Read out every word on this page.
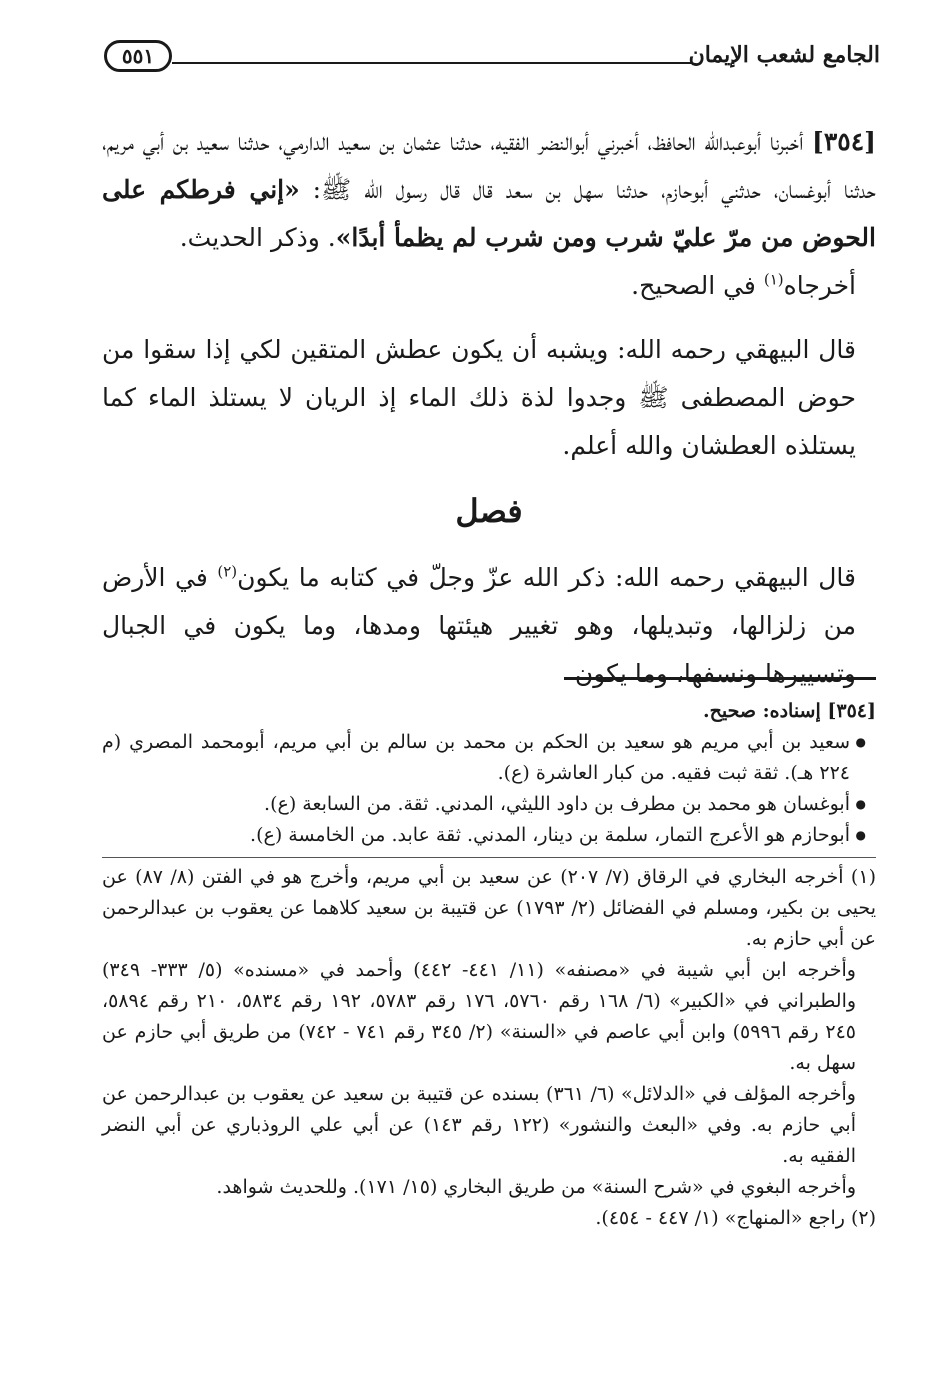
٥٥١	الجامع لشعب الإيمان

[٣٥٤] أخبرنا أبوعبدالله الحافظ، أخبرني أبوالنضر الفقيه، حدثنا عثمان بن سعيد الدارمي، حدثنا سعيد بن أبي مريم، حدثنا أبوغسان، حدثني أبوحازم، حدثنا سهل بن سعد قال قال رسول الله ﷺ: «إني فرطكم على الحوض من مرّ عليّ شرب ومن شرب لم يظمأ أبدًا». وذكر الحديث.

أخرجاه$^{(١)}$ في الصحيح.

قال البيهقي رحمه الله: ويشبه أن يكون عطش المتقين لكي إذا سقوا من حوض المصطفى ﷺ وجدوا لذة ذلك الماء إذ الريان لا يستلذ الماء كما يستلذه العطشان والله أعلم.

فصل

قال البيهقي رحمه الله: ذكر الله عزّ وجلّ في كتابه ما يكون$^{(٢)}$ في الأرض من زلزالها، وتبديلها، وهو تغيير هيئتها ومدها، وما يكون في الجبال وتسييرها ونسفها، وما يكون

[٣٥٤] إسناده: صحيح.

● سعيد بن أبي مريم هو سعيد بن الحكم بن محمد بن سالم بن أبي مريم، أبومحمد المصري (م ٢٢٤ هـ). ثقة ثبت فقيه. من كبار العاشرة (ع).
● أبوغسان هو محمد بن مطرف بن داود الليثي، المدني. ثقة. من السابعة (ع).
● أبوحازم هو الأعرج التمار، سلمة بن دينار، المدني. ثقة عابد. من الخامسة (ع).

(١) أخرجه البخاري في الرقاق (٧/ ٢٠٧) عن سعيد بن أبي مريم، وأخرج هو في الفتن (٨/ ٨٧) عن يحيى بن بكير، ومسلم في الفضائل (٢/ ١٧٩٣) عن قتيبة بن سعيد كلاهما عن يعقوب بن عبدالرحمن عن أبي حازم به.

وأخرجه ابن أبي شيبة في «مصنفه» (١١/ ٤٤١- ٤٤٢) وأحمد في «مسنده» (٥/ ٣٣٣- ٣٤٩) والطبراني في «الكبير» (٦/ ١٦٨ رقم ٥٧٦٠، ١٧٦ رقم ٥٧٨٣، ١٩٢ رقم ٥٨٣٤، ٢١٠ رقم ٥٨٩٤، ٢٤٥ رقم ٥٩٩٦) وابن أبي عاصم في «السنة» (٢/ ٣٤٥ رقم ٧٤١ - ٧٤٢) من طريق أبي حازم عن سهل به.

وأخرجه المؤلف في «الدلائل» (٦/ ٣٦١) بسنده عن قتيبة بن سعيد عن يعقوب بن عبدالرحمن عن أبي حازم به. وفي «البعث والنشور» (١٢٢ رقم ١٤٣) عن أبي علي الروذباري عن أبي النضر الفقيه به.

وأخرجه البغوي في «شرح السنة» من طريق البخاري (١٥/ ١٧١). وللحديث شواهد.

(٢) راجع «المنهاج» (١/ ٤٤٧ - ٤٥٤).
